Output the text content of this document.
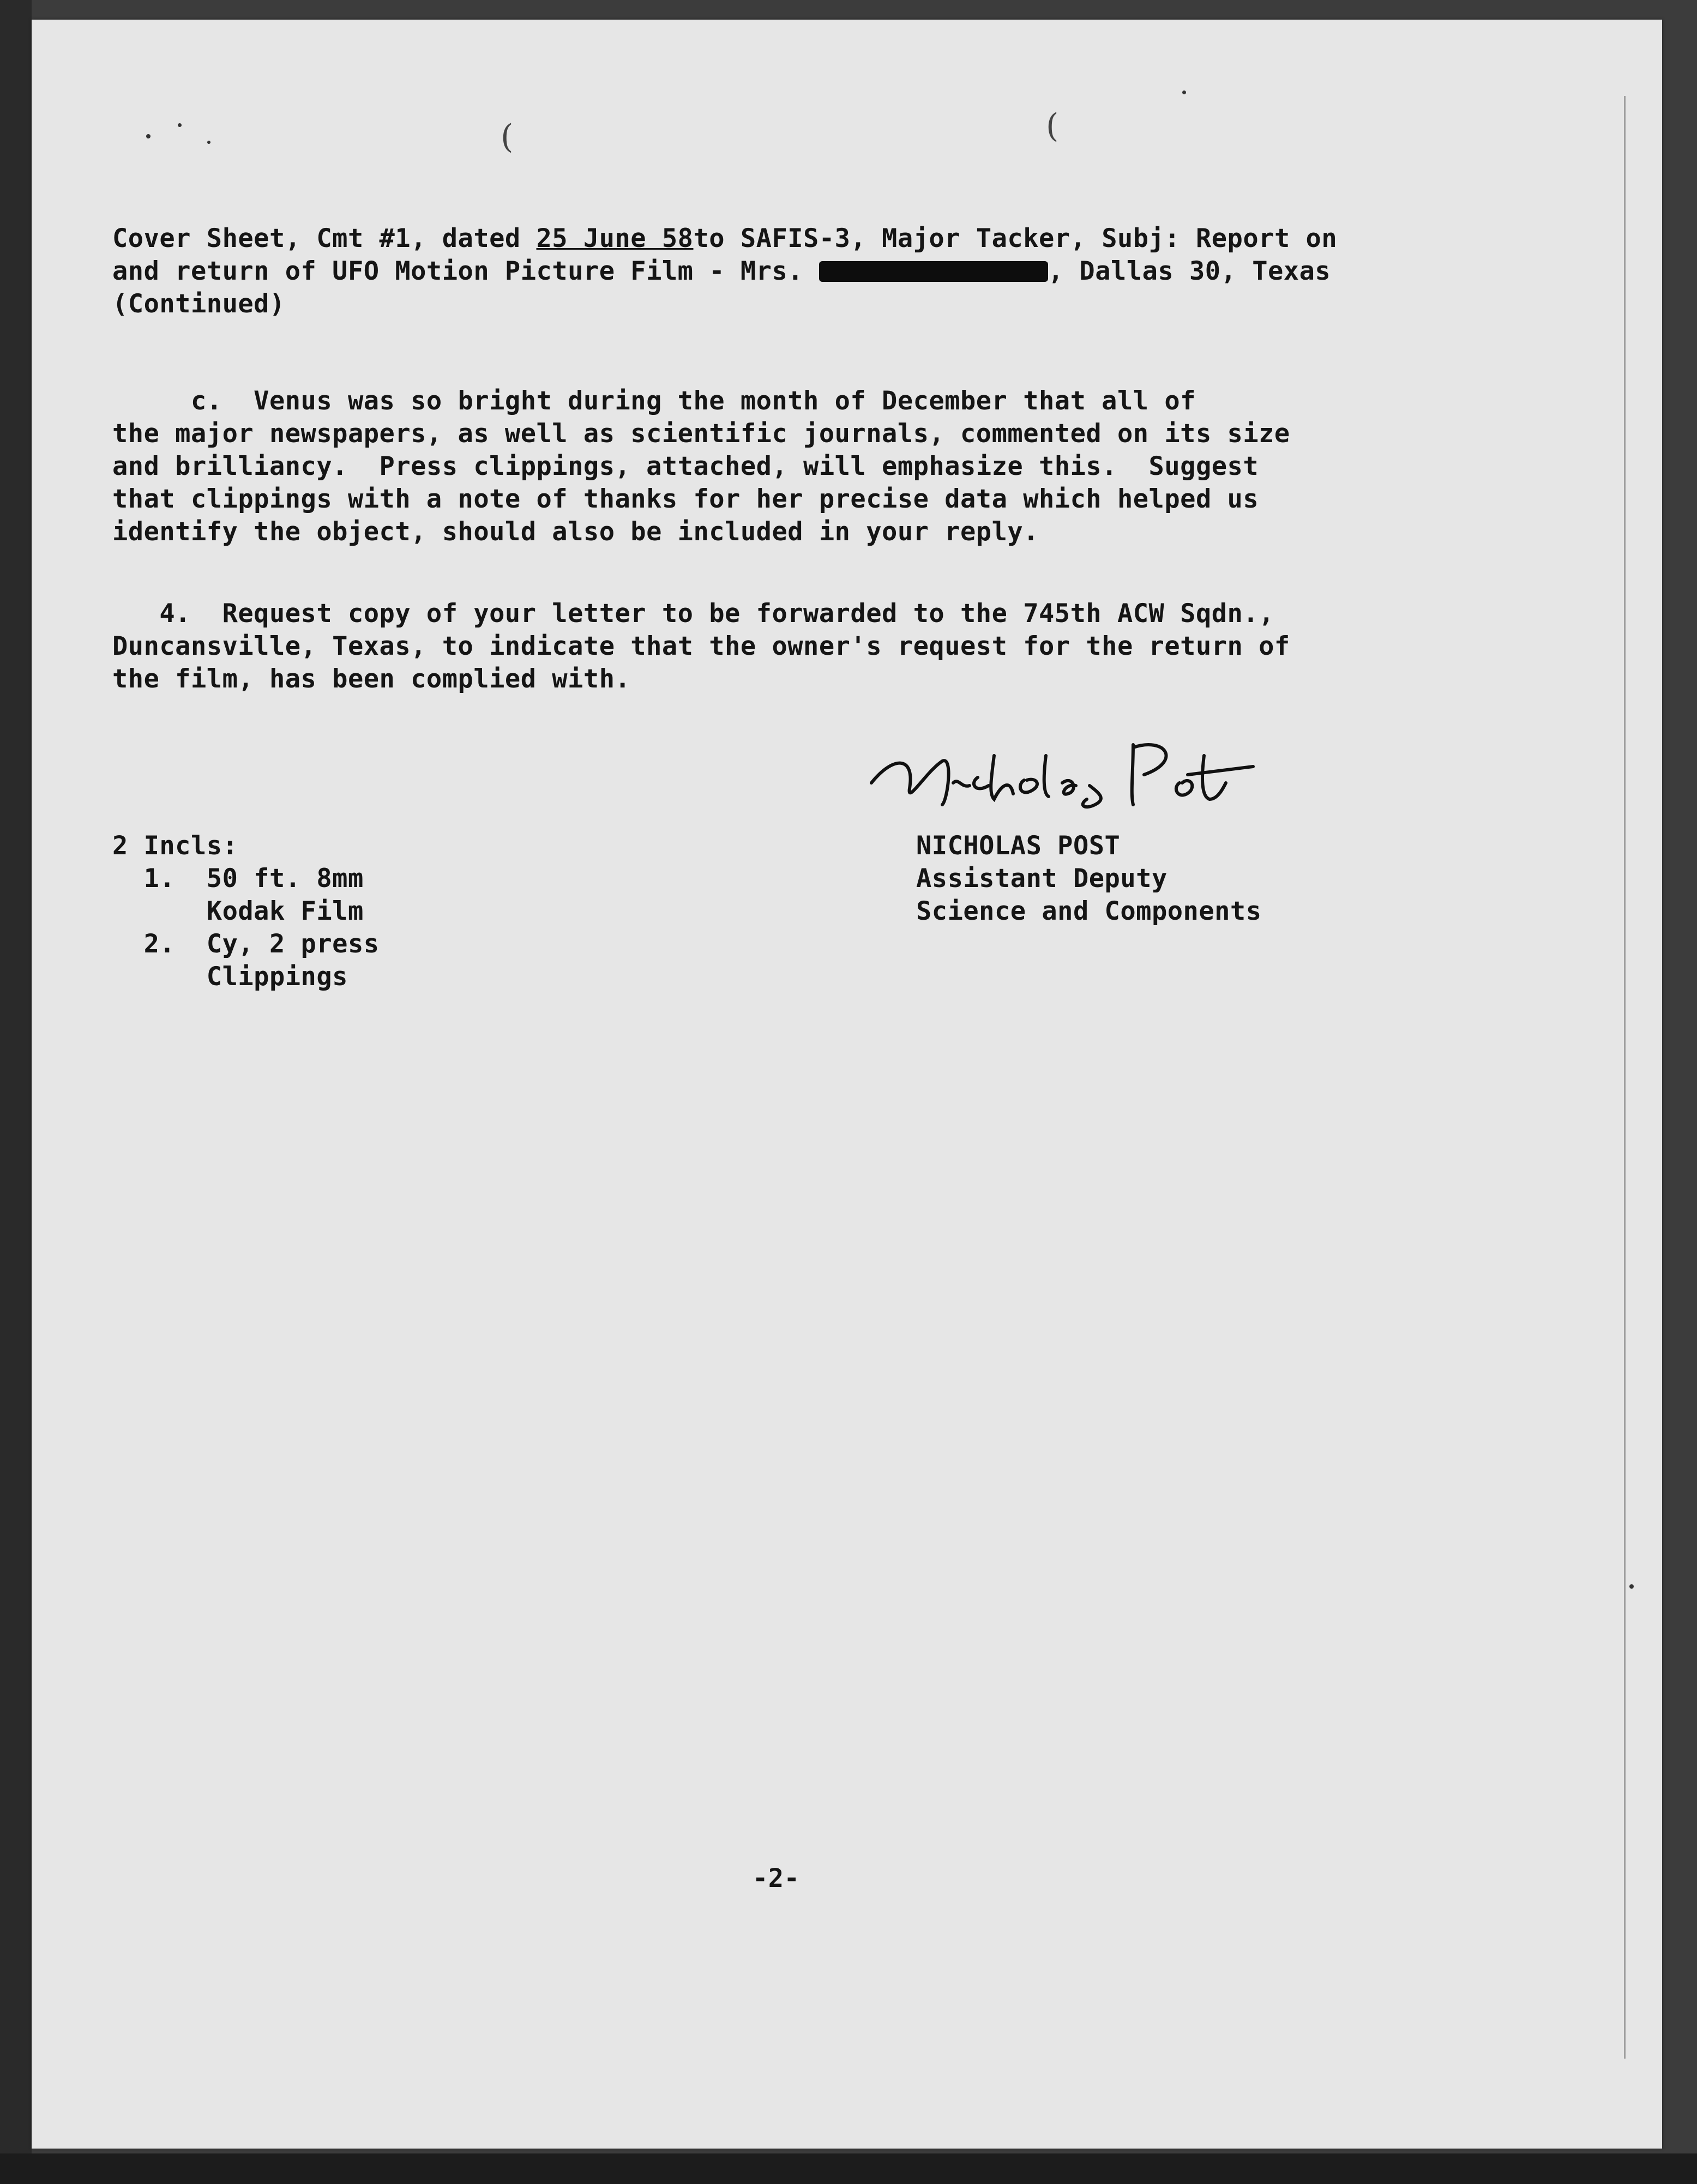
(	(
Cover Sheet, Cmt #1, dated 25 June 58to SAFIS-3, Major Tacker, Subj: Report on
and return of UFO Motion Picture Film - Mrs.	, Dallas 30, Texas
(Continued)
c.  Venus was so bright during the month of December that all of
the major newspapers, as well as scientific journals, commented on its size
and brilliancy.  Press clippings, attached, will emphasize this.  Suggest
that clippings with a note of thanks for her precise data which helped us
identify the object, should also be included in your reply.
4.  Request copy of your letter to be forwarded to the 745th ACW Sqdn.,
Duncansville, Texas, to indicate that the owner's request for the return of
the film, has been complied with.
NICHOLAS POST
Assistant Deputy
Science and Components
2 Incls:
1.  50 ft. 8mm
Kodak Film
2.  Cy, 2 press
Clippings
-2-
